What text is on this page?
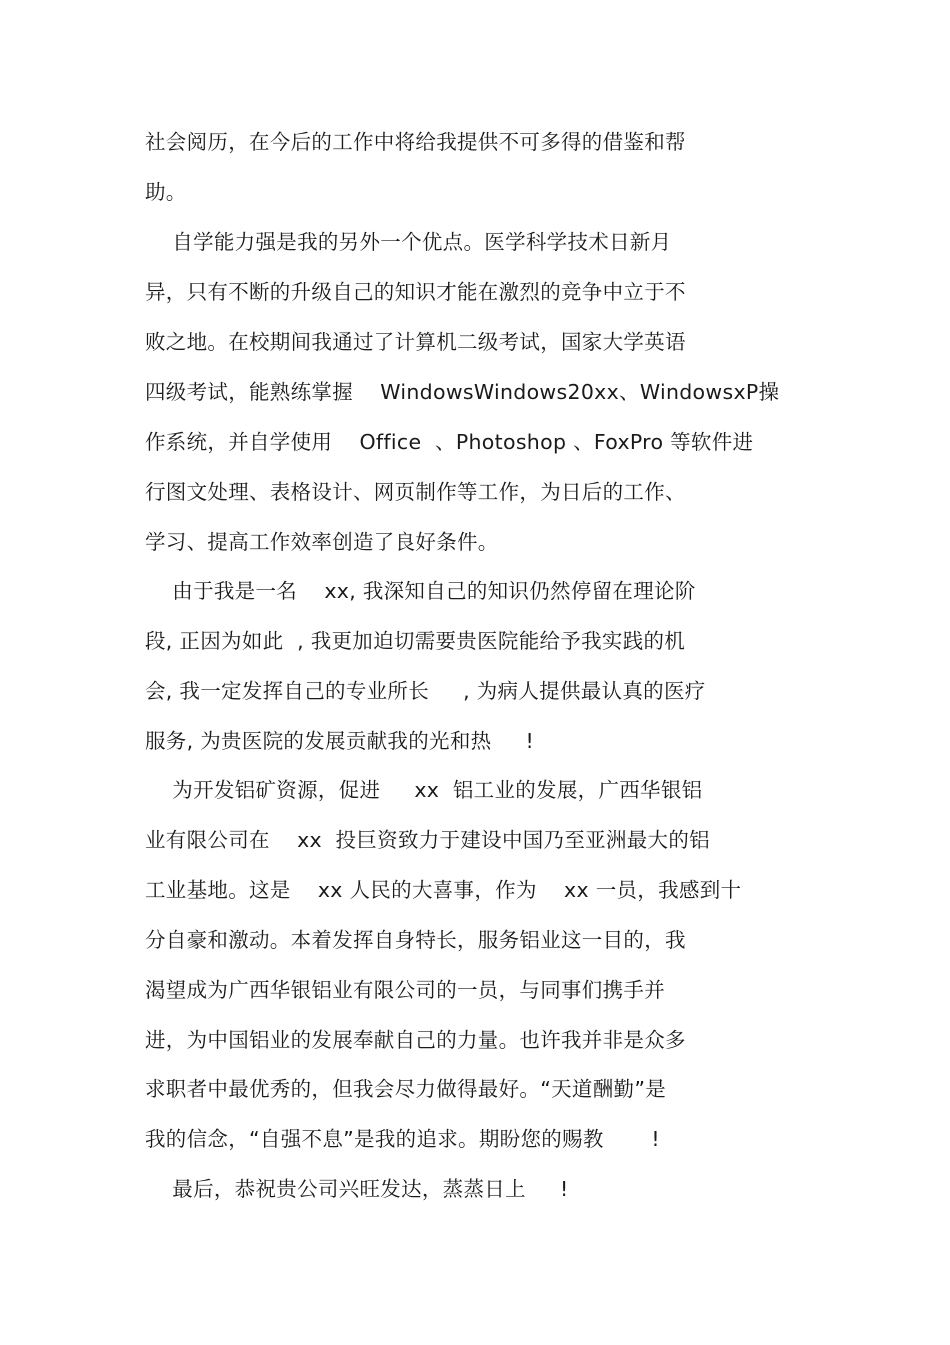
社会阅历，在今后的工作中将给我提供不可多得的借鉴和帮
助。
自学能力强是我的另外一个优点。医学科学技术日新月
异，只有不断的升级自己的知识才能在激烈的竞争中立于不
败之地。在校期间我通过了计算机二级考试，国家大学英语
四级考试，能熟练掌握    WindowsWindows20xx、WindowsxP操
作系统，并自学使用    Office  、Photoshop 、FoxPro 等软件进
行图文处理、表格设计、网页制作等工作，为日后的工作、
学习、提高工作效率创造了良好条件。
由于我是一名    xx, 我深知自己的知识仍然停留在理论阶
段, 正因为如此  , 我更加迫切需要贵医院能给予我实践的机
会, 我一定发挥自己的专业所长     , 为病人提供最认真的医疗
服务, 为贵医院的发展贡献我的光和热     !
为开发铝矿资源，促进     xx  铝工业的发展，广西华银铝
业有限公司在    xx  投巨资致力于建设中国乃至亚洲最大的铝
工业基地。这是    xx 人民的大喜事，作为    xx 一员，我感到十
分自豪和激动。本着发挥自身特长，服务铝业这一目的，我
渴望成为广西华银铝业有限公司的一员，与同事们携手并
进，为中国铝业的发展奉献自己的力量。也许我并非是众多
求职者中最优秀的，但我会尽力做得最好。“天道酬勤”是
我的信念，“自强不息”是我的追求。期盼您的赐教       !
最后，恭祝贵公司兴旺发达，蒸蒸日上     !
